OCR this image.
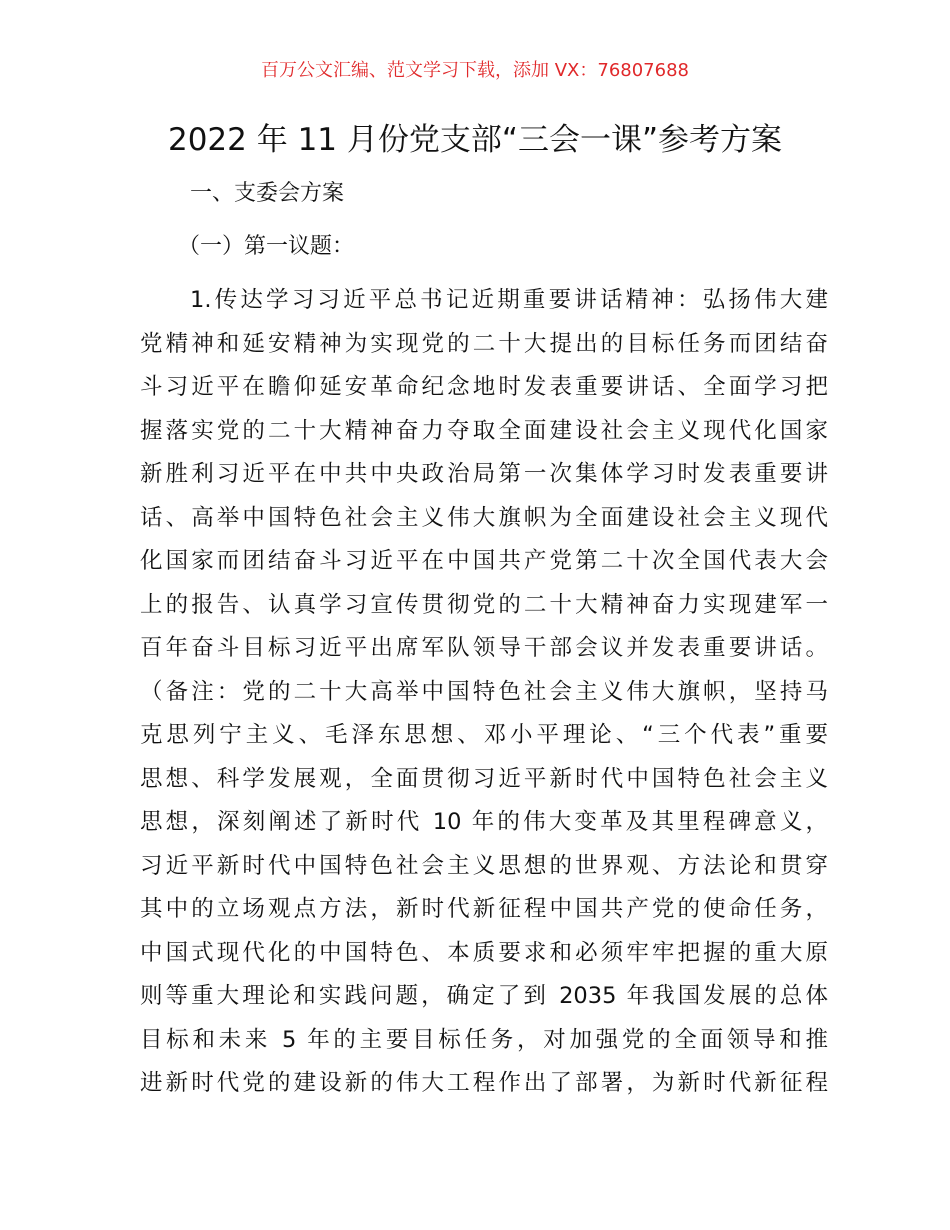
百万公文汇编、范文学习下载，添加 VX：76807688
2022 年 11 月份党支部“三会一课”参考方案
一、支委会方案
（一）第一议题：
1.传达学习习近平总书记近期重要讲话精神：弘扬伟大建
党精神和延安精神为实现党的二十大提出的目标任务而团结奋
斗习近平在瞻仰延安革命纪念地时发表重要讲话、全面学习把
握落实党的二十大精神奋力夺取全面建设社会主义现代化国家
新胜利习近平在中共中央政治局第一次集体学习时发表重要讲
话、高举中国特色社会主义伟大旗帜为全面建设社会主义现代
化国家而团结奋斗习近平在中国共产党第二十次全国代表大会
上的报告、认真学习宣传贯彻党的二十大精神奋力实现建军一
百年奋斗目标习近平出席军队领导干部会议并发表重要讲话。
（备注：党的二十大高举中国特色社会主义伟大旗帜，坚持马
克思列宁主义、毛泽东思想、邓小平理论、“三个代表”重要
思想、科学发展观，全面贯彻习近平新时代中国特色社会主义
思想，深刻阐述了新时代 10 年的伟大变革及其里程碑意义，
习近平新时代中国特色社会主义思想的世界观、方法论和贯穿
其中的立场观点方法，新时代新征程中国共产党的使命任务，
中国式现代化的中国特色、本质要求和必须牢牢把握的重大原
则等重大理论和实践问题，确定了到 2035 年我国发展的总体
目标和未来 5 年的主要目标任务，对加强党的全面领导和推
进新时代党的建设新的伟大工程作出了部署，为新时代新征程
